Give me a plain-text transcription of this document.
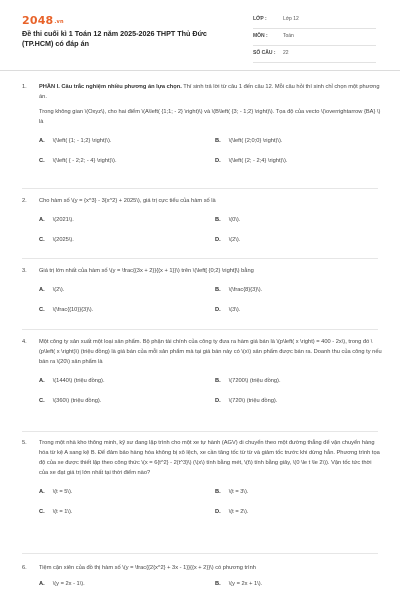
2048.vn
Đề thi cuối kì 1 Toán 12 năm 2025-2026 THPT Thủ Đức (TP.HCM) có đáp án
LỚP :	Lớp 12
MÔN :	Toán
SỐ CÂU : 22
1. PHẦN I. Câu trắc nghiệm nhiều phương án lựa chọn. Thí sinh trả lời từ câu 1 đến câu 12. Mỗi câu hỏi thí sinh chỉ chọn một phương án.

Trong không gian \(Oxyz\), cho hai điểm \(A\left( {1;1; - 2} \right)\) và \(B\left( {3; - 1;2} \right)\). Tọa độ của vecto \(\overrightarrow {BA} \) là

A. \(\left( {1; - 1;2} \right)\).	B. \(\left( {2;0;0} \right)\).
C. \(\left( { - 2;2; - 4} \right)\).	D. \(\left( {2; - 2;4} \right)\).
2. Cho hàm số \(y = {x^3} - 3{x^2} + 2025\), giá trị cực tiểu của hàm số là

A. \(2021\).	B. \(0\).
C. \(2025\).	D. \(2\).
3. Giá trị lớn nhất của hàm số \(y = \frac{{3x + 2}}{{x + 1}}\) trên \(\left[ {0;2} \right]\) bằng

A. \(2\).	B. \(\frac{8}{3}\).
C. \(\frac{{10}}{3}\).	D. \(3\).
4. Một công ty sản xuất một loại sản phẩm. Bộ phận tài chính của công ty đưa ra hàm giá bán là \(p\left( x \right) = 400 - 2x\), trong đó \(p\left( x \right)\) (triệu đồng) là giá bán của mỗi sản phẩm mà tại giá bán này có \(x\) sản phẩm được bán ra. Doanh thu của công ty nếu bán ra \(20\) sản phẩm là

A. \(1440\) (triệu đồng).	B. \(7200\) (triệu đồng).
C. \(360\) (triệu đồng).	D. \(720\) (triệu đồng).
5. Trong một nhà kho thông minh, kỹ sư đang lập trình cho một xe tự hành (AGV) di chuyển theo một đường thẳng để vận chuyển hàng hóa từ kệ A sang kệ B. Để đảm bảo hàng hóa không bị xô lệch, xe cần tăng tốc từ từ và giảm tốc trước khi dừng hẳn. Phương trình tọa độ của xe được thiết lập theo công thức \(x = 6{t^2} - 2{t^3}\) (\(x\) tính bằng mét, \(t\) tính bằng giây, \(0 \le t \le 2\)). Vận tốc tức thời của xe đạt giá trị lớn nhất tại thời điểm nào?

A. \(t = 5\).	B. \(t = 3\).
C. \(t = 1\).	D. \(t = 2\).
6. Tiệm cận xiên của đồ thị hàm số \(y = \frac{{2{x^2} + 3x - 1}}{{x + 2}}\) có phương trình

A. \(y = 2x - 1\).	B. \(y = 2x + 1\).
